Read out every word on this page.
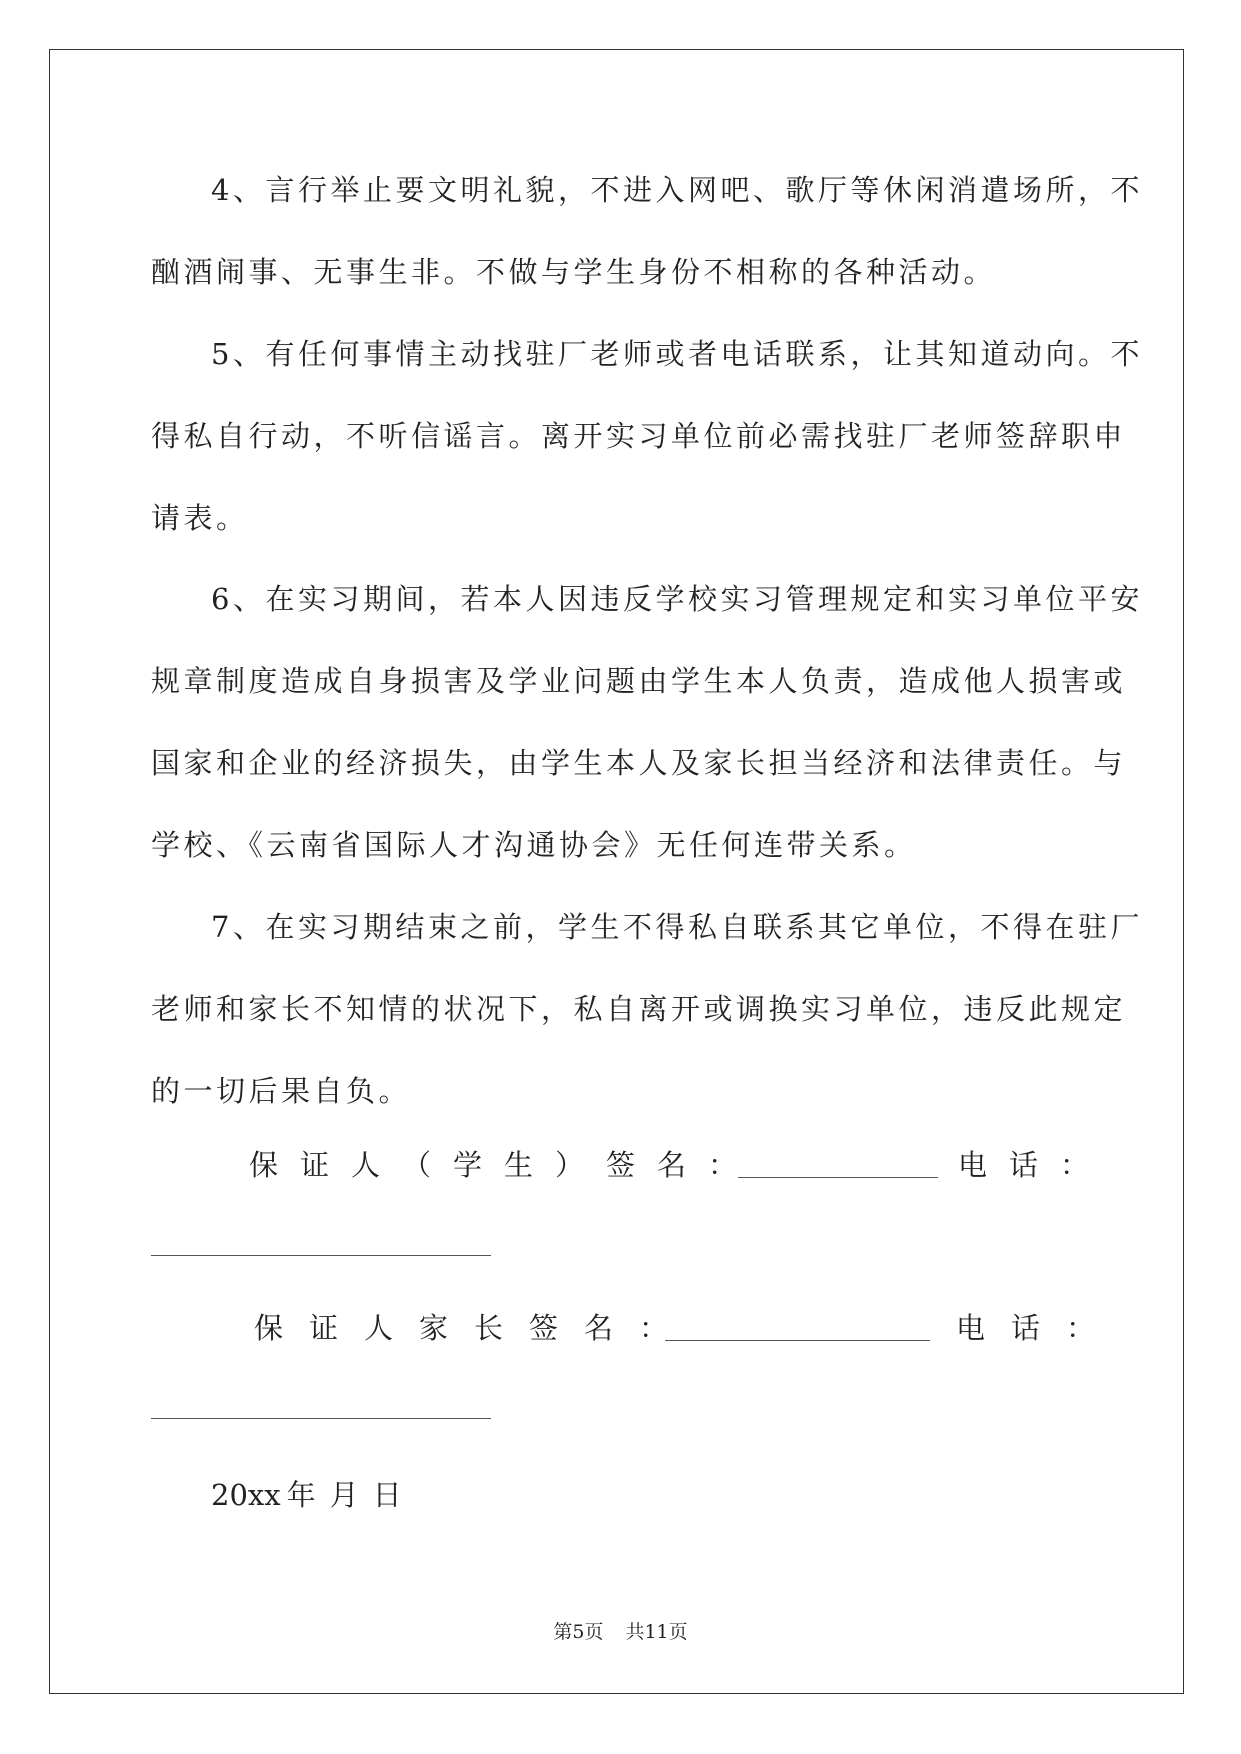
4、言行举止要文明礼貌，不进入网吧、歌厅等休闲消遣场所，不
酗酒闹事、无事生非。不做与学生身份不相称的各种活动。
5、有任何事情主动找驻厂老师或者电话联系，让其知道动向。不
得私自行动，不听信谣言。离开实习单位前必需找驻厂老师签辞职申
请表。
6、在实习期间，若本人因违反学校实习管理规定和实习单位平安
规章制度造成自身损害及学业问题由学生本人负责，造成他人损害或
国家和企业的经济损失，由学生本人及家长担当经济和法律责任。与
学校、《云南省国际人才沟通协会》无任何连带关系。
7、在实习期结束之前，学生不得私自联系其它单位，不得在驻厂
老师和家长不知情的状况下，私自离开或调换实习单位，违反此规定
的一切后果自负。
保证人（学生）签名：	电话：
保证人家长签名：	电话：
20xx 年 月 日
第5页 共11页
